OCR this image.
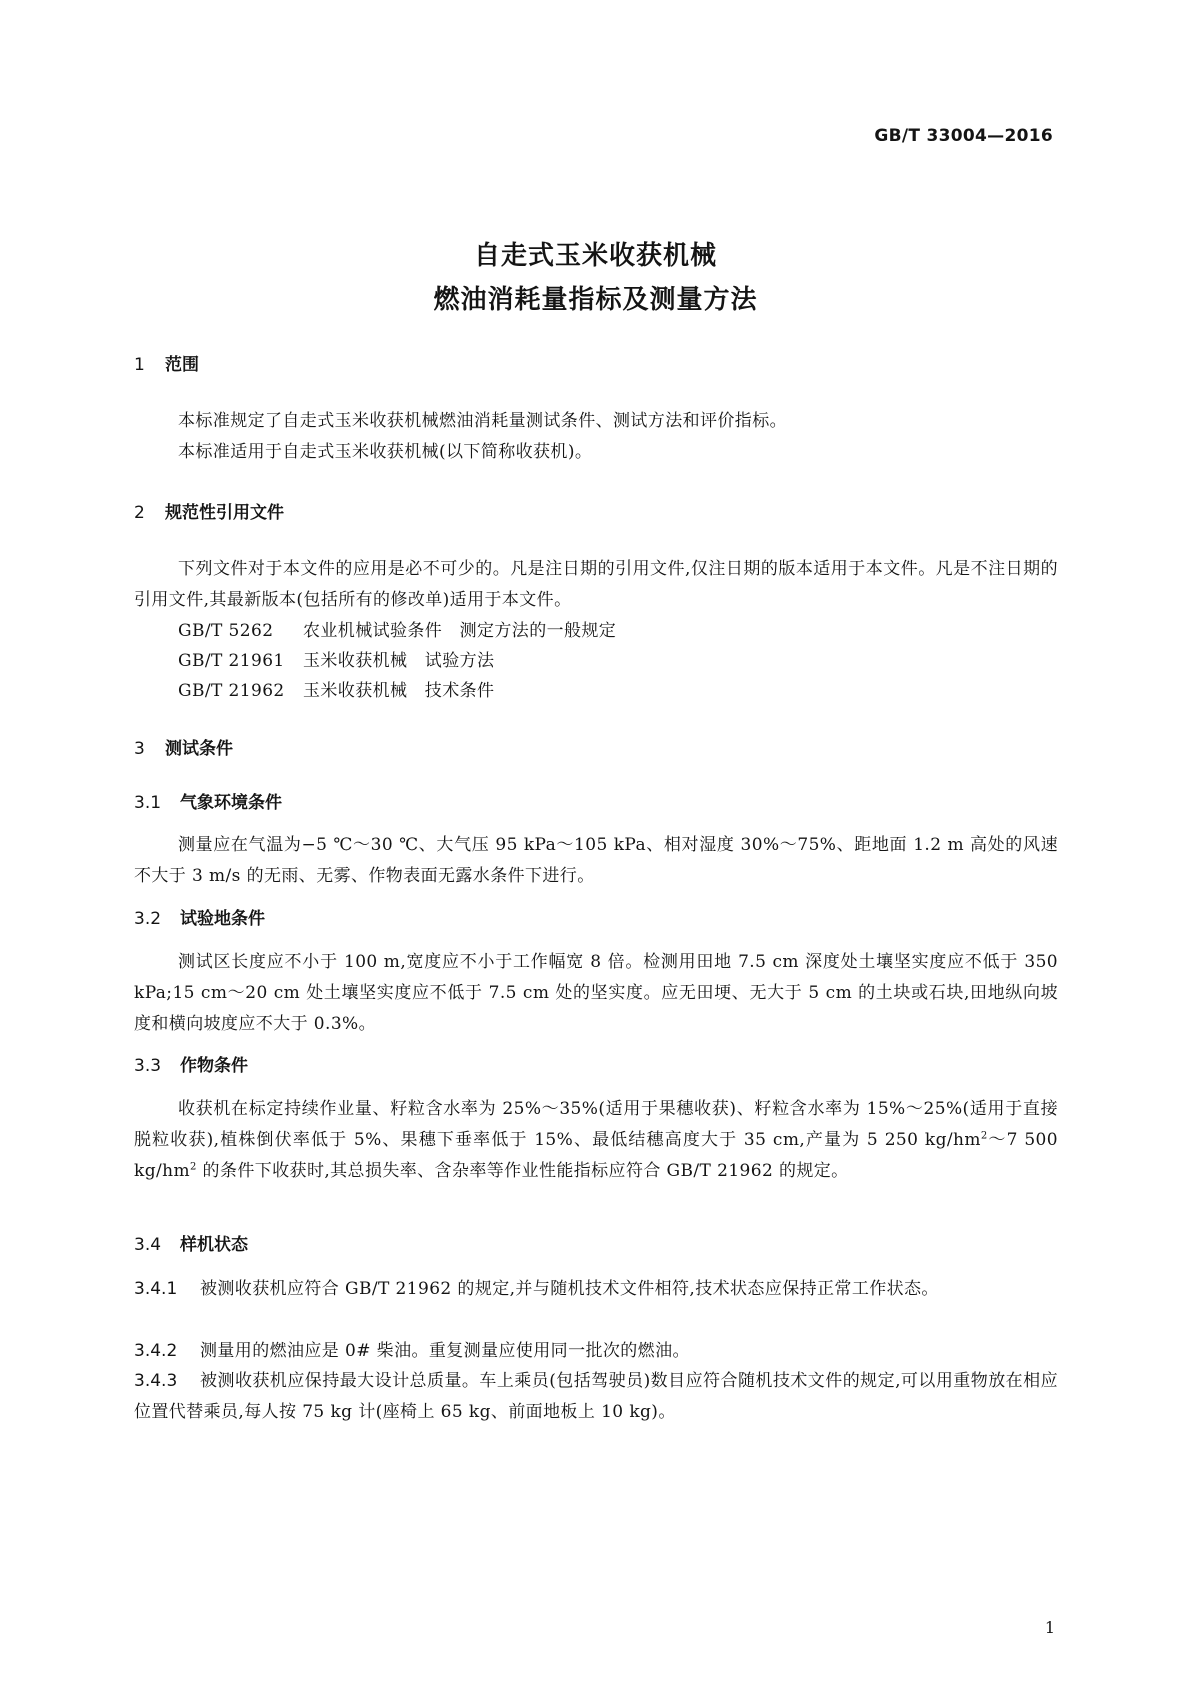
GB/T 33004—2016
自走式玉米收获机械
燃油消耗量指标及测量方法
1 范围
本标准规定了自走式玉米收获机械燃油消耗量测试条件、测试方法和评价指标。
本标准适用于自走式玉米收获机械(以下简称收获机)。
2 规范性引用文件
下列文件对于本文件的应用是必不可少的。凡是注日期的引用文件,仅注日期的版本适用于本文件。凡是不注日期的引用文件,其最新版本(包括所有的修改单)适用于本文件。
GB/T 5262 农业机械试验条件　测定方法的一般规定
GB/T 21961 玉米收获机械　试验方法
GB/T 21962 玉米收获机械　技术条件
3 测试条件
3.1 气象环境条件
测量应在气温为−5 ℃～30 ℃、大气压 95 kPa～105 kPa、相对湿度 30%～75%、距地面 1.2 m 高处的风速不大于 3 m/s 的无雨、无雾、作物表面无露水条件下进行。
3.2 试验地条件
测试区长度应不小于 100 m,宽度应不小于工作幅宽 8 倍。检测用田地 7.5 cm 深度处土壤坚实度应不低于 350 kPa;15 cm～20 cm 处土壤坚实度应不低于 7.5 cm 处的坚实度。应无田埂、无大于 5 cm 的土块或石块,田地纵向坡度和横向坡度应不大于 0.3%。
3.3 作物条件
收获机在标定持续作业量、籽粒含水率为 25%～35%(适用于果穗收获)、籽粒含水率为 15%～25%(适用于直接脱粒收获),植株倒伏率低于 5%、果穗下垂率低于 15%、最低结穗高度大于 35 cm,产量为 5 250 $kg/hm^2\sim 7$ 500 $kg/hm^2$ 的条件下收获时,其总损失率、含杂率等作业性能指标应符合 GB/T 21962 的规定。
3.4 样机状态
3.4.1 被测收获机应符合 GB/T 21962 的规定,并与随机技术文件相符,技术状态应保持正常工作状态。
3.4.2 测量用的燃油应是 0# 柴油。重复测量应使用同一批次的燃油。
3.4.3 被测收获机应保持最大设计总质量。车上乘员(包括驾驶员)数目应符合随机技术文件的规定,可以用重物放在相应位置代替乘员,每人按 75 kg 计(座椅上 65 kg、前面地板上 10 kg)。
1
